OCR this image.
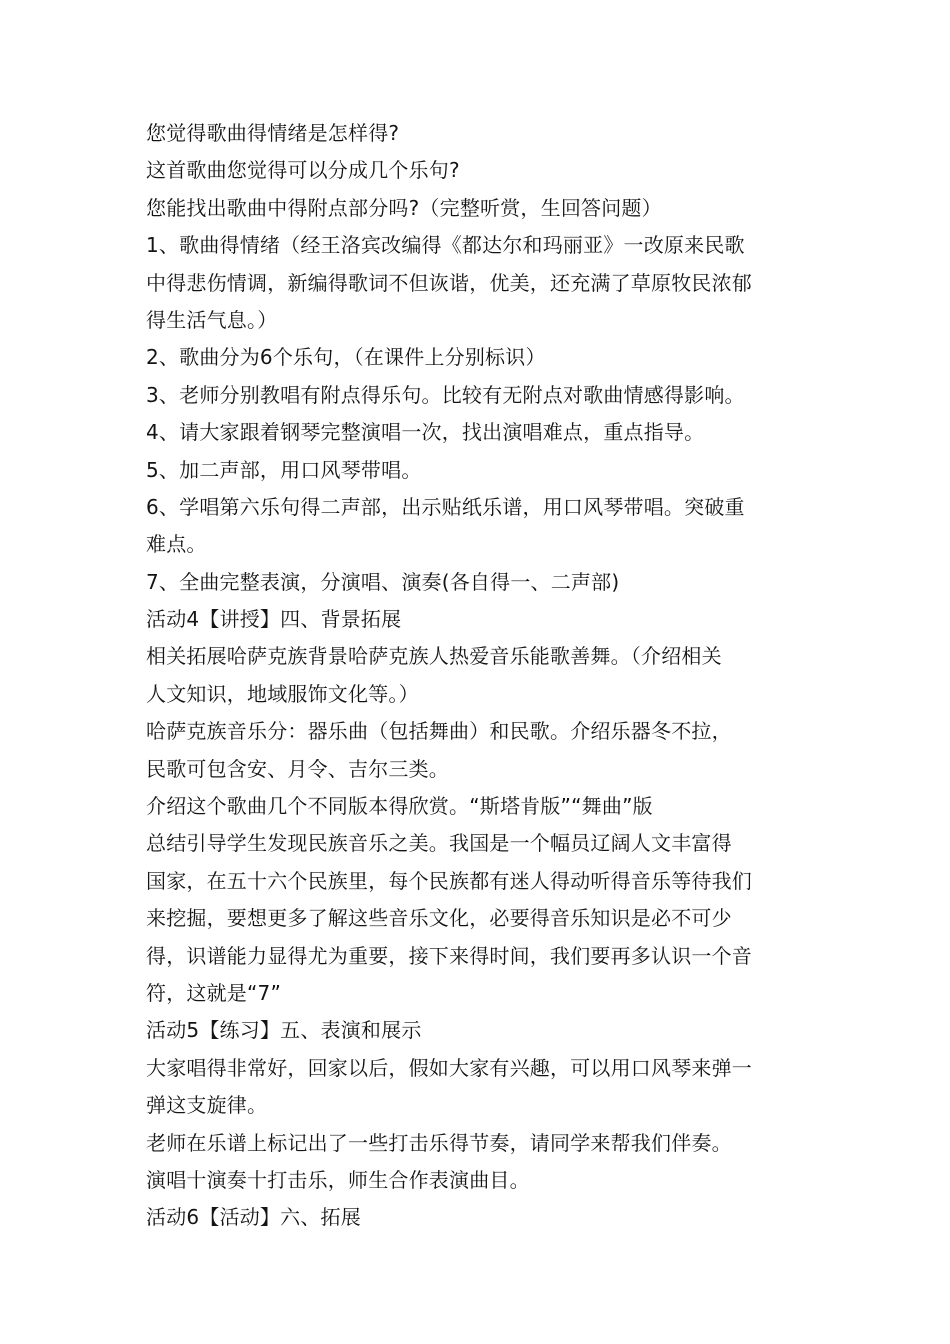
您觉得歌曲得情绪是怎样得?
这首歌曲您觉得可以分成几个乐句?
您能找出歌曲中得附点部分吗?（完整听赏，生回答问题）
1、歌曲得情绪（经王洛宾改编得《都达尔和玛丽亚》一改原来民歌
中得悲伤情调，新编得歌词不但诙谐，优美，还充满了草原牧民浓郁
得生活气息。）
2、歌曲分为6个乐句，（在课件上分别标识）
3、老师分别教唱有附点得乐句。比较有无附点对歌曲情感得影响。
4、请大家跟着钢琴完整演唱一次，找出演唱难点，重点指导。
5、加二声部，用口风琴带唱。
6、学唱第六乐句得二声部，出示贴纸乐谱，用口风琴带唱。突破重
难点。
7、全曲完整表演，分演唱、演奏(各自得一、二声部)
活动4【讲授】四、背景拓展
相关拓展哈萨克族背景哈萨克族人热爱音乐能歌善舞。（介绍相关
人文知识，地域服饰文化等。）
哈萨克族音乐分：器乐曲（包括舞曲）和民歌。介绍乐器冬不拉，
民歌可包含安、月令、吉尔三类。
介绍这个歌曲几个不同版本得欣赏。“斯塔肯版”“舞曲”版
总结引导学生发现民族音乐之美。我国是一个幅员辽阔人文丰富得
国家，在五十六个民族里，每个民族都有迷人得动听得音乐等待我们
来挖掘，要想更多了解这些音乐文化，必要得音乐知识是必不可少
得，识谱能力显得尤为重要，接下来得时间，我们要再多认识一个音
符，这就是“7”
活动5【练习】五、表演和展示
大家唱得非常好，回家以后，假如大家有兴趣，可以用口风琴来弹一
弹这支旋律。
老师在乐谱上标记出了一些打击乐得节奏，请同学来帮我们伴奏。
演唱十演奏十打击乐，师生合作表演曲目。
活动6【活动】六、拓展
